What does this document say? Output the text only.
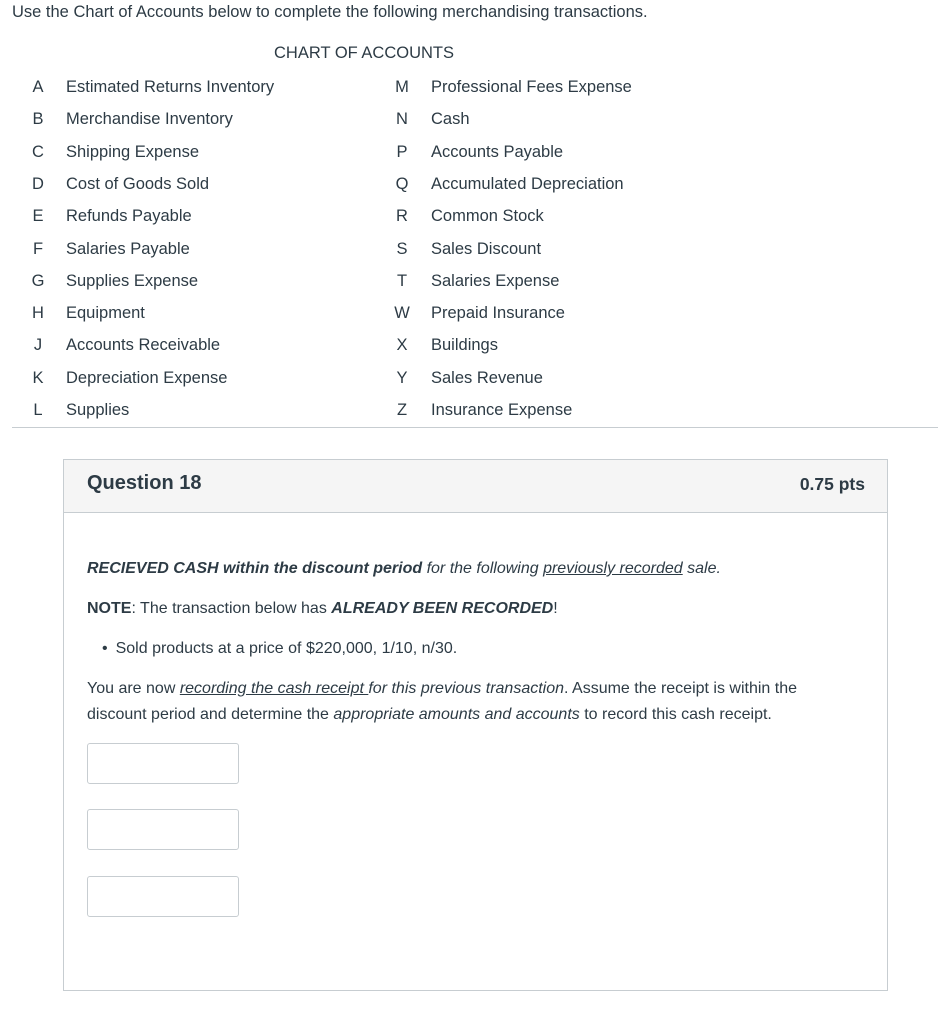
Use the Chart of Accounts below to complete the following merchandising transactions.
CHART OF ACCOUNTS
A Estimated Returns Inventory
B Merchandise Inventory
C Shipping Expense
D Cost of Goods Sold
E Refunds Payable
F	Salaries Payable
G Supplies Expense
H Equipment
J	Accounts Receivable
K Depreciation Expense
L	Supplies
M Professional Fees Expense
N Cash
P Accounts Payable
Q Accumulated Depreciation
R Common Stock
S Sales Discount
T	Salaries Expense
W Prepaid Insurance
X Buildings
Y Sales Revenue
Z	Insurance Expense
Question 18	0.75 pts
RECIEVED CASH within the discount period for the following previously recorded sale.
NOTE: The transaction below has ALREADY BEEN RECORDED!
• Sold products at a price of $220,000, 1/10, n/30.
You are now recording the cash receipt for this previous transaction. Assume the receipt is within the
discount period and determine the appropriate amounts and accounts to record this cash receipt.
